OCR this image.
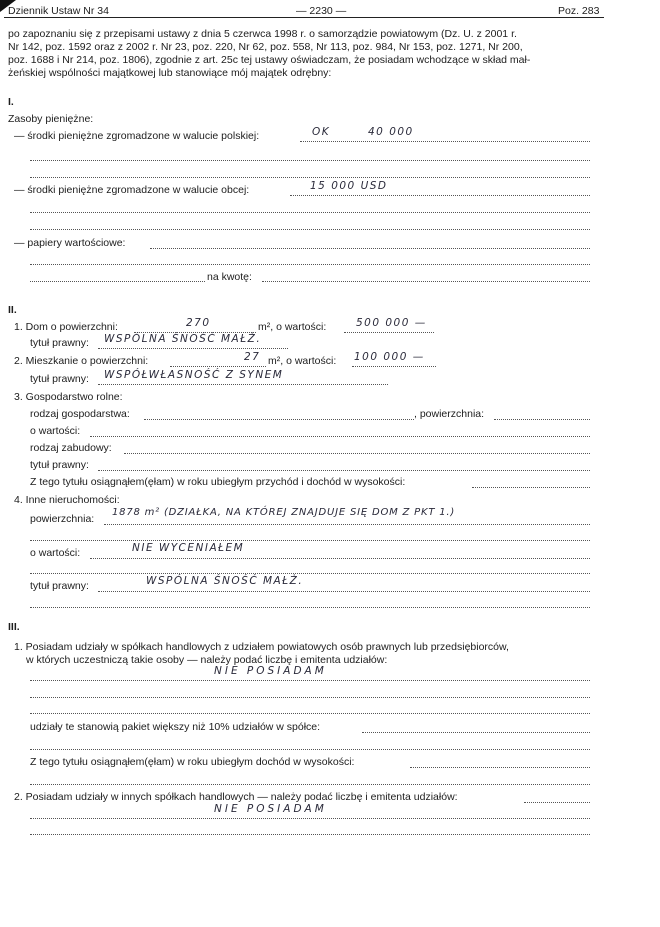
Dziennik Ustaw Nr 34	— 2230 —	Poz. 283
po zapoznaniu się z przepisami ustawy z dnia 5 czerwca 1998 r. o samorządzie powiatowym (Dz. U. z 2001 r.
Nr 142, poz. 1592 oraz z 2002 r. Nr 23, poz. 220, Nr 62, poz. 558, Nr 113, poz. 984, Nr 153, poz. 1271, Nr 200,
poz. 1688 i Nr 214, poz. 1806), zgodnie z art. 25c tej ustawy oświadczam, że posiadam wchodzące w skład mał-
żeńskiej wspólności majątkowej lub stanowiące mój majątek odrębny:
I.
Zasoby pieniężne:
— środki pieniężne zgromadzone w walucie polskiej:	OK	40 000
— środki pieniężne zgromadzone w walucie obcej:	15 000 USD
— papiery wartościowe:
na kwotę:
II.
1. Dom o powierzchni:	270	m², o wartości:	500 000 —
tytuł prawny: WSPÓLNA ŚNOŚĆ MAŁŻ.
2. Mieszkanie o powierzchni:	27 m², o wartości: 100 000 —
tytuł prawny: WSPÓŁWŁASNOŚĆ Z SYNEM
3. Gospodarstwo rolne:
rodzaj gospodarstwa:	, powierzchnia:
o wartości:
rodzaj zabudowy:
tytuł prawny:
Z tego tytułu osiągnąłem(ęłam) w roku ubiegłym przychód i dochód w wysokości:
4. Inne nieruchomości:
powierzchnia:
1878 m² (DZIAŁKA, NA KTÓREJ ZNAJDUJE SIĘ DOM Z PKT 1.)
o wartości:	NIE WYCENIAŁEM
tytuł prawny:	WSPÓLNA ŚNOŚĆ MAŁŻ.
III.
1. Posiadam udziały w spółkach handlowych z udziałem powiatowych osób prawnych lub przedsiębiorców,
w których uczestniczą takie osoby — należy podać liczbę i emitenta udziałów:
NIE POSIADAM
udziały te stanowią pakiet większy niż 10% udziałów w spółce:
Z tego tytułu osiągnąłem(ęłam) w roku ubiegłym dochód w wysokości:
2. Posiadam udziały w innych spółkach handlowych — należy podać liczbę i emitenta udziałów:
NIE POSIADAM
